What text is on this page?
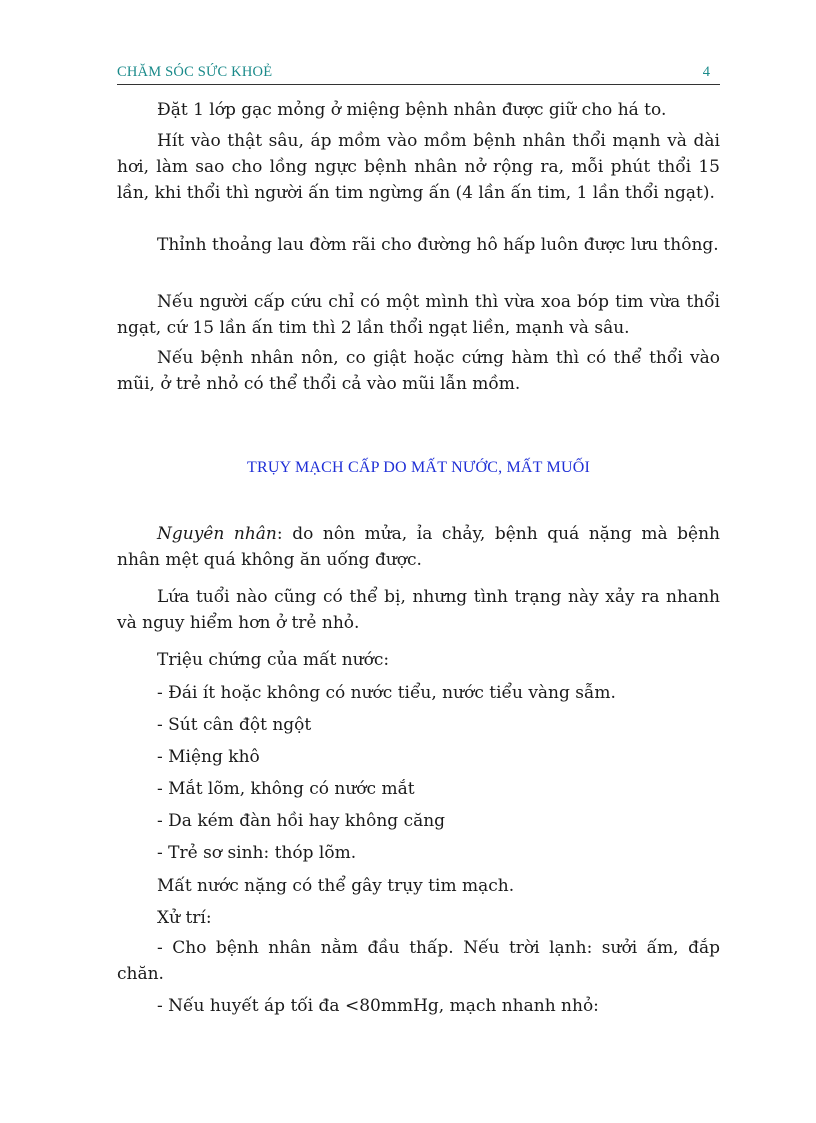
CHĂM SÓC SỨC KHOẺ	4

Đặt 1 lớp gạc mỏng ở miệng bệnh nhân được giữ cho há to.

Hít vào thật sâu, áp mồm vào mồm bệnh nhân thổi mạnh và dài hơi, làm sao cho lồng ngực bệnh nhân nở rộng ra, mỗi phút thổi 15 lần, khi thổi thì người ấn tim ngừng ấn (4 lần ấn tim, 1 lần thổi ngạt).

Thỉnh thoảng lau đờm rãi cho đường hô hấp luôn được lưu thông.

Nếu người cấp cứu chỉ có một mình thì vừa xoa bóp tim vừa thổi ngạt, cứ 15 lần ấn tim thì 2 lần thổi ngạt liền, mạnh và sâu.

Nếu bệnh nhân nôn, co giật hoặc cứng hàm thì có thể thổi vào mũi, ở trẻ nhỏ có thể thổi cả vào mũi lẫn mồm.

TRỤY MẠCH CẤP DO MẤT NƯỚC, MẤT MUỐI

Nguyên nhân: do nôn mửa, ỉa chảy, bệnh quá nặng mà bệnh nhân mệt quá không ăn uống được.

Lứa tuổi nào cũng có thể bị, nhưng tình trạng này xảy ra nhanh và nguy hiểm hơn ở trẻ nhỏ.

Triệu chứng của mất nước:

- Đái ít hoặc không có nước tiểu, nước tiểu vàng sẫm.

- Sút cân đột ngột

- Miệng khô

- Mắt lõm, không có nước mắt

- Da kém đàn hồi hay không căng

- Trẻ sơ sinh: thóp lõm.

Mất nước nặng có thể gây trụy tim mạch.

Xử trí:

- Cho bệnh nhân nằm đầu thấp. Nếu trời lạnh: sưởi ấm, đắp chăn.

- Nếu huyết áp tối đa <80mmHg, mạch nhanh nhỏ:
